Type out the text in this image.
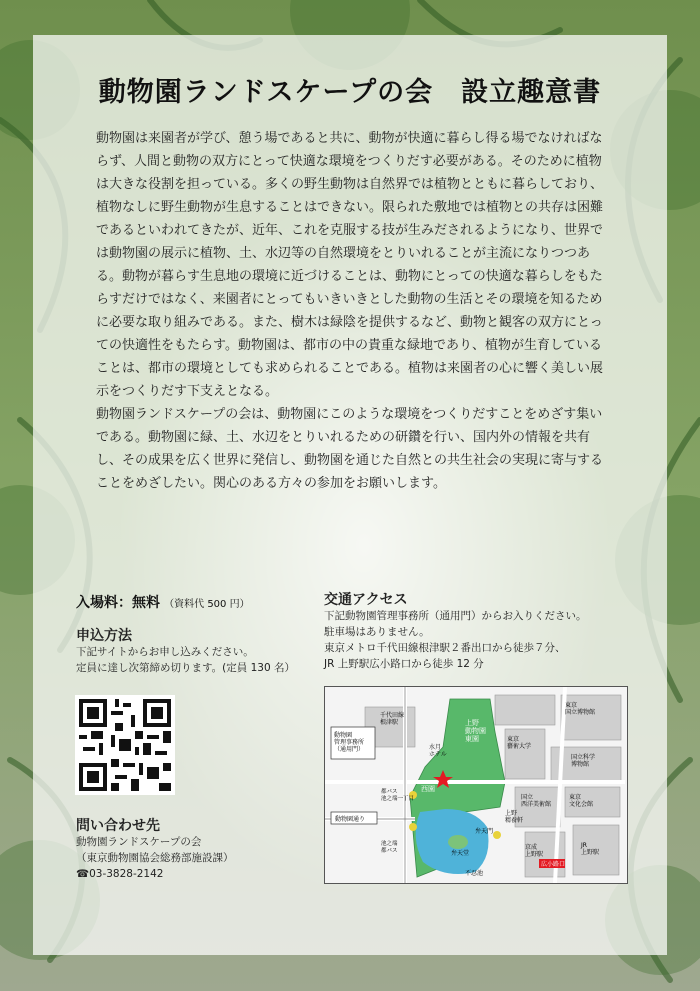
動物園ランドスケープの会　設立趣意書

動物園は来園者が学び、憩う場であると共に、動物が快適に暮らし得る場でなければならず、人間と動物の双方にとって快適な環境をつくりだす必要がある。そのために植物は大きな役割を担っている。多くの野生動物は自然界では植物とともに暮らしており、植物なしに野生動物が生息することはできない。限られた敷地では植物との共存は困難であるといわれてきたが、近年、これを克服する技が生みだされるようになり、世界では動物園の展示に植物、土、水辺等の自然環境をとりいれることが主流になりつつある。動物が暮らす生息地の環境に近づけることは、動物にとっての快適な暮らしをもたらすだけではなく、来園者にとってもいきいきとした動物の生活とその環境を知るために必要な取り組みである。また、樹木は緑陰を提供するなど、動物と観客の双方にとっての快適性をもたらす。動物園は、都市の中の貴重な緑地であり、植物が生育していることは、都市の環境としても求められることである。植物は来園者の心に響く美しい展示をつくりだす下支えとなる。

動物園ランドスケープの会は、動物園にこのような環境をつくりだすことをめざす集いである。動物園に緑、土、水辺をとりいれるための研鑽を行い、国内外の情報を共有し、その成果を広く世界に発信し、動物園を通じた自然との共生社会の実現に寄与することをめざしたい。関心のある方々の参加をお願いします。

入場料：無料 （資料代 500 円）
申込方法
下記サイトからお申し込みください。
定員に達し次第締め切ります。(定員 130 名）
問い合わせ先
動物園ランドスケープの会
（東京動物園協会総務部施設課）
☎03-3828-2142
交通アクセス
下記動物園管理事務所（通用門）からお入りください。
駐車場はありません。
東京メトロ千代田線根津駅２番出口から徒歩７分、
JR 上野駅広小路口から徒歩 12 分
動物園管理事務所（通用門）
動物園通り
千代田線根津駅
水月ホテル
上野動物園東園
西園
東京藝術大学
東京国立博物館
国立科学博物館
不忍池
弁天堂
弁天門
国立西洋美術館
東京文化会館
上野精養軒
京成上野駅
広小路口
JR 上野駅
都バス池之端一丁目
池之端都バス
